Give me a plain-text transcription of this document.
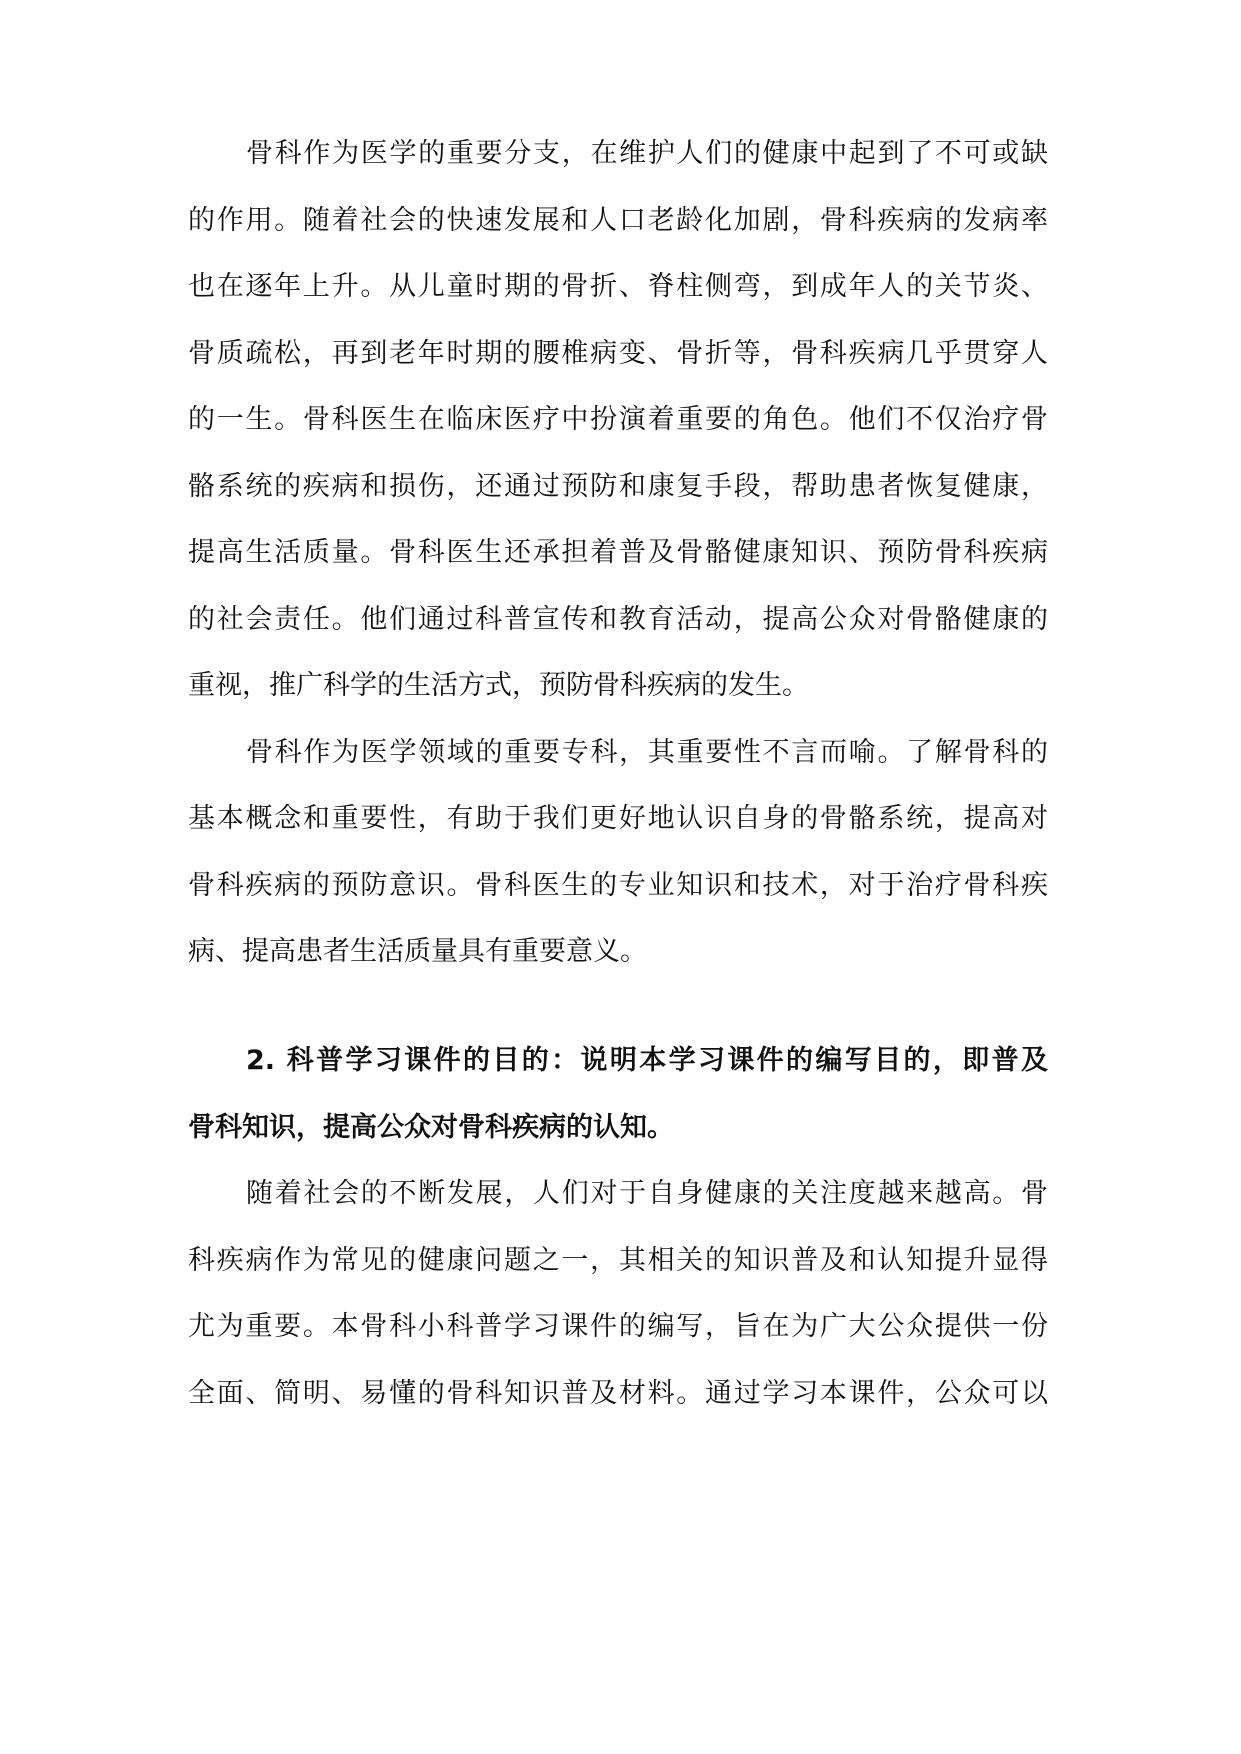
骨科作为医学的重要分支，在维护人们的健康中起到了不可或缺
的作用。随着社会的快速发展和人口老龄化加剧，骨科疾病的发病率
也在逐年上升。从儿童时期的骨折、脊柱侧弯，到成年人的关节炎、
骨质疏松，再到老年时期的腰椎病变、骨折等，骨科疾病几乎贯穿人
的一生。骨科医生在临床医疗中扮演着重要的角色。他们不仅治疗骨
骼系统的疾病和损伤，还通过预防和康复手段，帮助患者恢复健康，
提高生活质量。骨科医生还承担着普及骨骼健康知识、预防骨科疾病
的社会责任。他们通过科普宣传和教育活动，提高公众对骨骼健康的
重视，推广科学的生活方式，预防骨科疾病的发生。
骨科作为医学领域的重要专科，其重要性不言而喻。了解骨科的
基本概念和重要性，有助于我们更好地认识自身的骨骼系统，提高对
骨科疾病的预防意识。骨科医生的专业知识和技术，对于治疗骨科疾
病、提高患者生活质量具有重要意义。
2. 科普学习课件的目的：说明本学习课件的编写目的，即普及
骨科知识，提高公众对骨科疾病的认知。
随着社会的不断发展，人们对于自身健康的关注度越来越高。骨
科疾病作为常见的健康问题之一，其相关的知识普及和认知提升显得
尤为重要。本骨科小科普学习课件的编写，旨在为广大公众提供一份
全面、简明、易懂的骨科知识普及材料。通过学习本课件，公众可以
